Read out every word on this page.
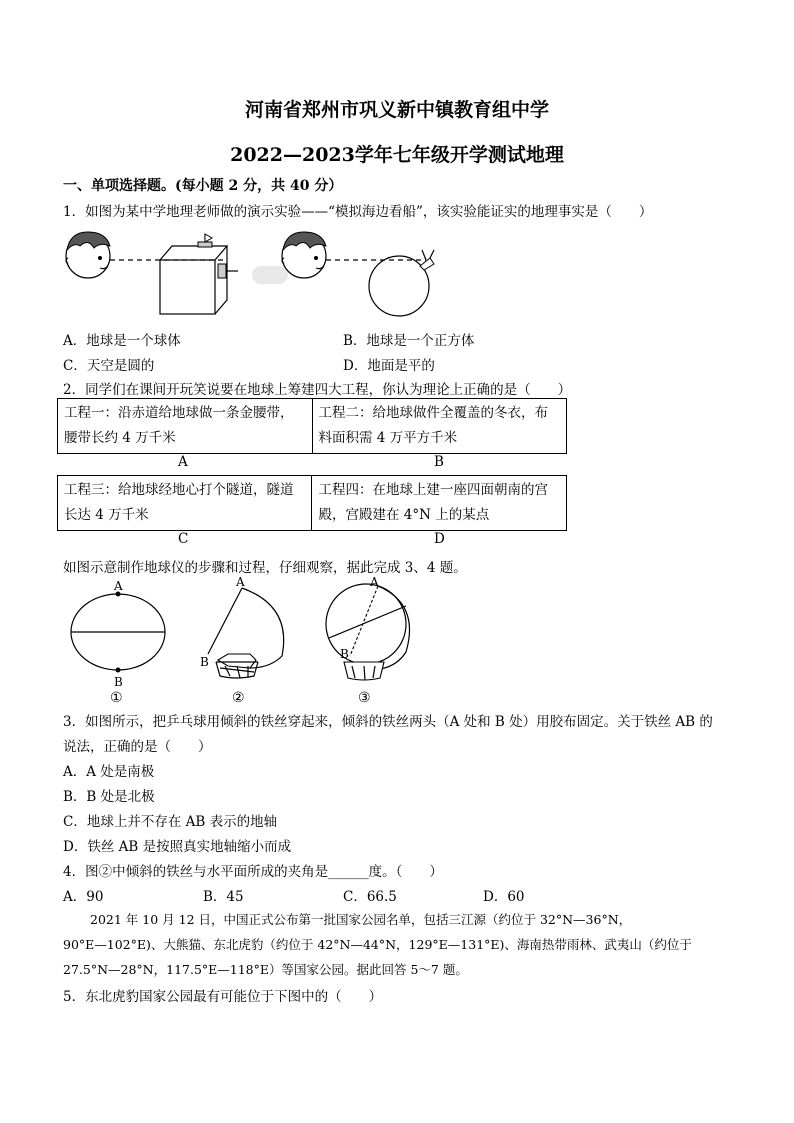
河南省郑州市巩义新中镇教育组中学
2022—2023学年七年级开学测试地理
一、单项选择题。(每小题 2 分，共 40 分）
1．如图为某中学地理老师做的演示实验——“模拟海边看船”，该实验能证实的地理事实是（　　）
A．地球是一个球体	B．地球是一个正方体
C．天空是圆的	D．地面是平的
2．同学们在课间开玩笑说要在地球上筹建四大工程，你认为理论上正确的是（　　）
工程一：沿赤道给地球做一条金腰带，腰带长约 4 万千米	工程二：给地球做件全覆盖的冬衣，布料面积需 4 万平方千米
A	B
工程三：给地球经地心打个隧道，隧道长达 4 万千米	工程四：在地球上建一座四面朝南的宫殿，宫殿建在 4°N 上的某点
C	D
如图示意制作地球仪的步骤和过程，仔细观察，据此完成 3、4 题。
A
B
①
A
B
②
A
B
③
3．如图所示，把乒乓球用倾斜的铁丝穿起来，倾斜的铁丝两头（A 处和 B 处）用胶布固定。关于铁丝 AB 的
说法，正确的是（　　）
A．A 处是南极
B．B 处是北极
C．地球上并不存在 AB 表示的地轴
D．铁丝 AB 是按照真实地轴缩小而成
4．图②中倾斜的铁丝与水平面所成的夹角是______度。（　　）
A．90	B．45	C．66.5	D．60
2021 年 10 月 12 日，中国正式公布第一批国家公园名单，包括三江源（约位于 32°N—36°N，
90°E—102°E)、大熊猫、东北虎豹（约位于 42°N—44°N，129°E—131°E)、海南热带雨林、武夷山（约位于
27.5°N—28°N，117.5°E—118°E）等国家公园。据此回答 5～7 题。
5．东北虎豹国家公园最有可能位于下图中的（　　）
